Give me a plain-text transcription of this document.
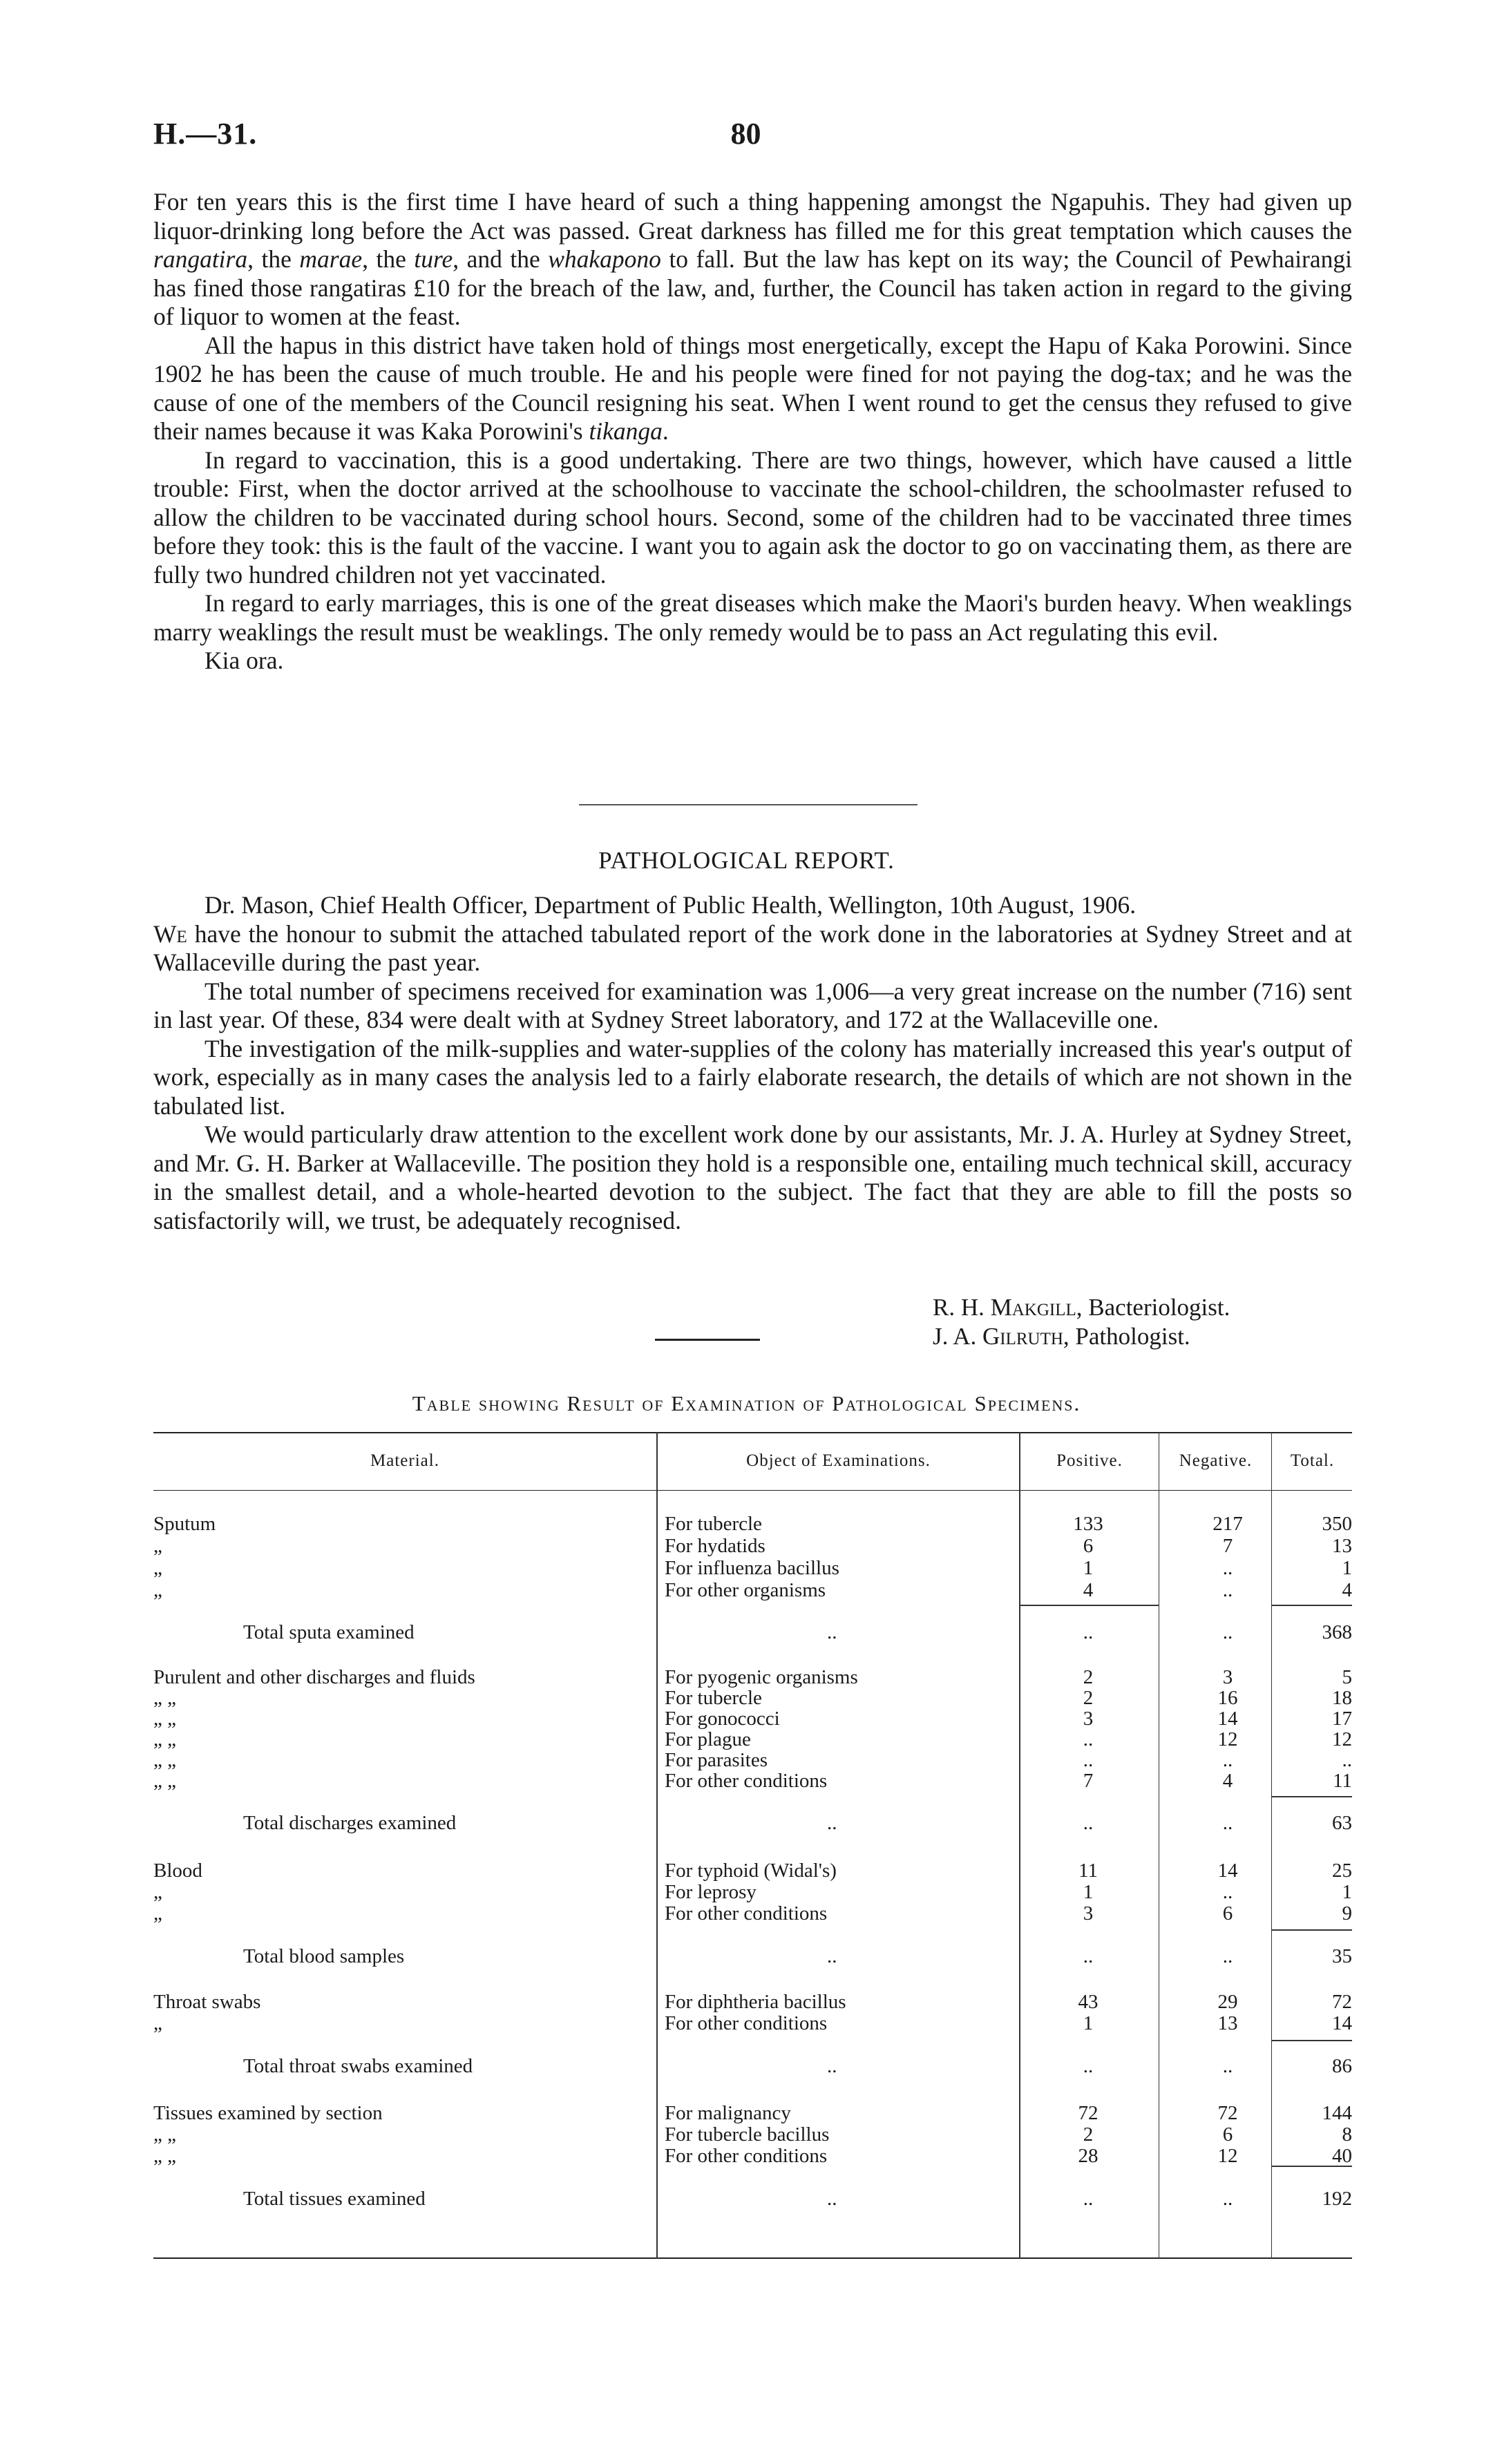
H.—31.	80

For ten years this is the first time I have heard of such a thing happening amongst the Ngapuhis. They had given up liquor-drinking long before the Act was passed. Great darkness has filled me for this great temptation which causes the rangatira, the marae, the ture, and the whakapono to fall. But the law has kept on its way; the Council of Pewhairangi has fined those rangatiras £10 for the breach of the law, and, further, the Council has taken action in regard to the giving of liquor to women at the feast.

All the hapus in this district have taken hold of things most energetically, except the Hapu of Kaka Porowini. Since 1902 he has been the cause of much trouble. He and his people were fined for not paying the dog-tax; and he was the cause of one of the members of the Council resigning his seat. When I went round to get the census they refused to give their names because it was Kaka Porowini's tikanga.

In regard to vaccination, this is a good undertaking. There are two things, however, which have caused a little trouble: First, when the doctor arrived at the schoolhouse to vaccinate the school-children, the schoolmaster refused to allow the children to be vaccinated during school hours. Second, some of the children had to be vaccinated three times before they took: this is the fault of the vaccine. I want you to again ask the doctor to go on vaccinating them, as there are fully two hundred children not yet vaccinated.

In regard to early marriages, this is one of the great diseases which make the Maori's burden heavy. When weaklings marry weaklings the result must be weaklings. The only remedy would be to pass an Act regulating this evil.

Kia ora.

PATHOLOGICAL REPORT.

Dr. Mason, Chief Health Officer, Department of Public Health, Wellington, 10th August, 1906.

We have the honour to submit the attached tabulated report of the work done in the laboratories at Sydney Street and at Wallaceville during the past year.

The total number of specimens received for examination was 1,006—a very great increase on the number (716) sent in last year. Of these, 834 were dealt with at Sydney Street laboratory, and 172 at the Wallaceville one.

The investigation of the milk-supplies and water-supplies of the colony has materially increased this year's output of work, especially as in many cases the analysis led to a fairly elaborate research, the details of which are not shown in the tabulated list.

We would particularly draw attention to the excellent work done by our assistants, Mr. J. A. Hurley at Sydney Street, and Mr. G. H. Barker at Wallaceville. The position they hold is a responsible one, entailing much technical skill, accuracy in the smallest detail, and a whole-hearted devotion to the subject. The fact that they are able to fill the posts so satisfactorily will, we trust, be adequately recognised.

R. H. Makgill, Bacteriologist.
J. A. Gilruth, Pathologist.
Table showing Result of Examination of Pathological Specimens.
Material.	Object of Examinations.	Positive.	Negative.	Total.
Sputum	For tubercle	133	217	350
„	For hydatids	6	7	13
„	For influenza bacillus	1	..	1
„	For other organisms	4	..	4
Total sputa examined	..	..	..	368
Purulent and other discharges and fluids	For pyogenic organisms	2	3	5
„ „	For tubercle	2	16	18
„ „	For gonococci	3	14	17
„ „	For plague	..	12	12
„ „	For parasites	..	..	..
„ „	For other conditions	7	4	11
Total discharges examined	..	..	..	63
Blood	For typhoid (Widal's)	11	14	25
„	For leprosy	1	..	1
„	For other conditions	3	6	9
Total blood samples	..	..	..	35
Throat swabs	For diphtheria bacillus	43	29	72
„	For other conditions	1	13	14
Total throat swabs examined	..	..	..	86
Tissues examined by section	For malignancy	72	72	144
„ „	For tubercle bacillus	2	6	8
„ „	For other conditions	28	12	40
Total tissues examined	..	..	..	192
